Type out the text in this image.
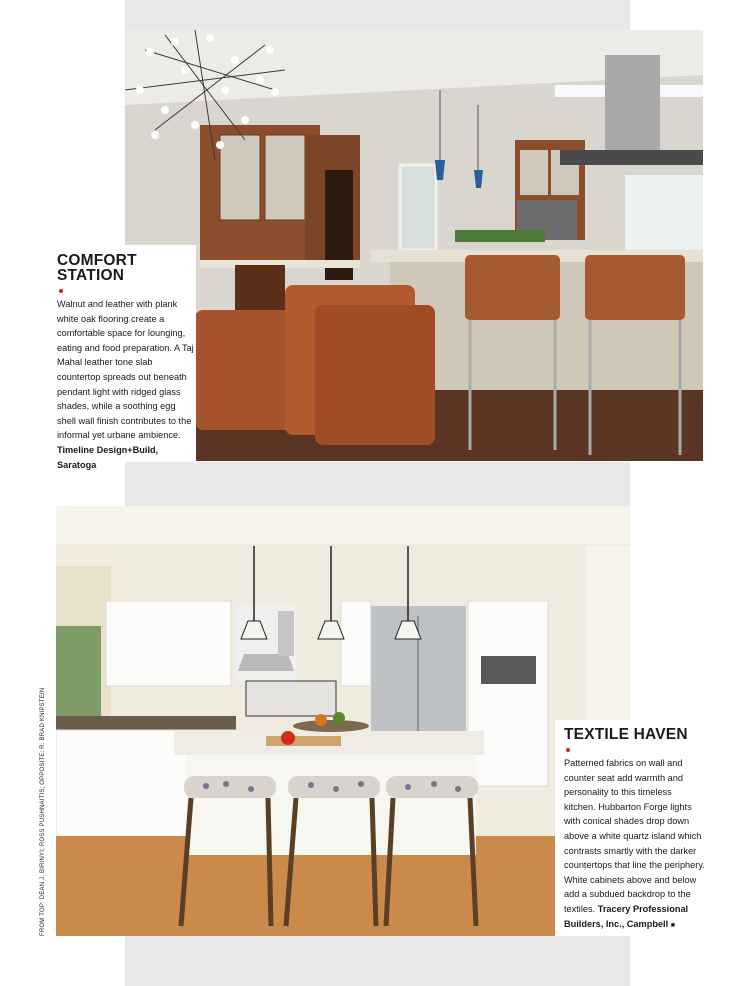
COMFORT
STATION
Walnut and leather with plank white oak flooring create a comfortable space for lounging, eating and food preparation. A Taj Mahal leather tone slab countertop spreads out beneath pendant light with ridged glass shades, while a soothing egg shell wall finish contributes to the informal yet urbane ambience. Timeline Design+Build, Saratoga
TEXTILE HAVEN
Patterned fabrics on wall and counter seat add warmth and personality to this timeless kitchen. Hubbarton Forge lights with conical shades drop down above a white quartz island which contrasts smartly with the darker countertops that line the periphery. White cabinets above and below add a subdued backdrop to the textiles. Tracery Professional Builders, Inc., Campbell ■
FROM TOP: DEAN J. BIRINYI; ROSS PUSHNAITIS; OPPOSITE: R. BRAD KNIPSTEIN
